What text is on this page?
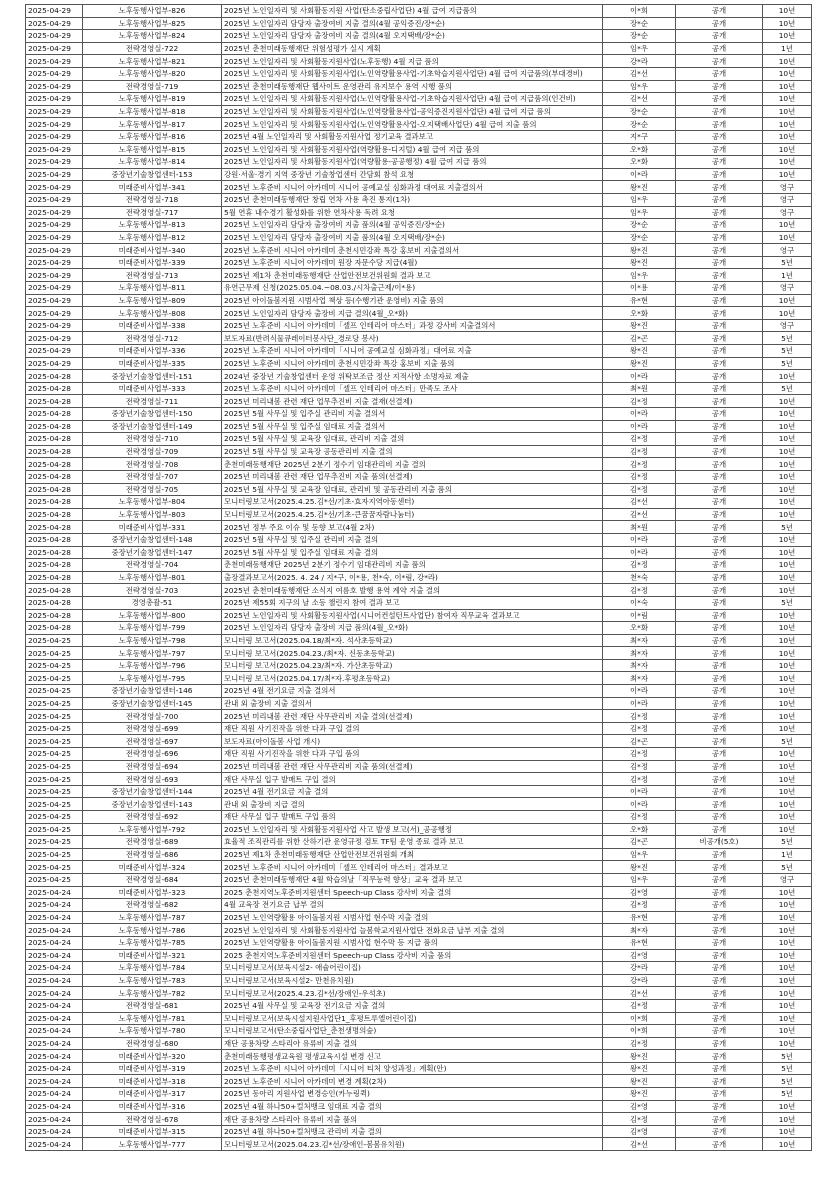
2025-04-29	노후동행사업부-826	2025년 노인일자리 및 사회활동지원 사업(탄소중립사업단) 4월 급여 지급품의	이*희	공개	10년
2025-04-29	노후동행사업부-825	2025년 노인일자리 담당자 출장여비 지출 결의(4월 공익증진/장*순)	장*순	공개	10년
2025-04-29	노후동행사업부-824	2025년 노인일자리 담당자 출장여비 지출 결의(4월 오지택배/장*순)	장*순	공개	10년
2025-04-29	전략경영실-722	2025년 춘천미래동행재단 위험성평가 실시 계획	임*우	공개	1년
2025-04-29	노후동행사업부-821	2025년 노인일자리 및 사회활동지원사업(노후동행) 4월 지급 품의	강*라	공개	10년
2025-04-29	노후동행사업부-820	2025년 노인일자리 및 사회활동지원사업(노인역량활용사업-기초학습지원사업단) 4월 급여 지급품의(부대경비)	김*선	공개	10년
2025-04-29	전략경영실-719	2025년 춘천미래동행재단 웹사이트 운영관리 유지보수 용역 시행 품의	임*우	공개	10년
2025-04-29	노후동행사업부-819	2025년 노인일자리 및 사회활동지원사업(노인역량활용사업-기초학습지원사업단) 4월 급여 지급품의(인건비)	김*선	공개	10년
2025-04-29	노후동행사업부-818	2025년 노인일자리 및 사회활동지원사업(노인역량활용사업-공익증진지원사업단) 4월 급여 지급 품의	장*순	공개	10년
2025-04-29	노후동행사업부-817	2025년 노인일자리 및 사회활동지원사업(노인역량활용사업-오지택배사업단) 4월 급여 지출 품의	장*순	공개	10년
2025-04-29	노후동행사업부-816	2025년 4월 노인일자리 및 사회활동지원사업 정기교육 결과보고	지*구	공개	10년
2025-04-29	노후동행사업부-815	2025년 노인일자리 및 사회활동지원사업(역량활용-디지털) 4월 급여 지급 품의	오*화	공개	10년
2025-04-29	노후동행사업부-814	2025년 노인일자리 및 사회활동지원사업(역량활용-공공행정) 4월 급여 지급 품의	오*화	공개	10년
2025-04-29	중장년기술창업센터-153	강원·서울·경기 지역 중장년 기술창업센터 간담회 참석 요청	이*라	공개	10년
2025-04-29	미래준비사업부-341	2025년 노후준비 시니어 아카데미 시니어 공예교실 심화과정 대여료 지출결의서	왕*진	공개	영구
2025-04-29	전략경영실-718	2025년 춘천미래동행재단 창립 연차 사용 촉진 통지(1차)	임*우	공개	영구
2025-04-29	전략경영실-717	5월 연휴 내수경기 활성화를 위한 연차사용 독려 요청	임*우	공개	영구
2025-04-29	노후동행사업부-813	2025년 노인일자리 담당자 출장여비 지출 품의(4월 공익증진/장*순)	장*순	공개	10년
2025-04-29	노후동행사업부-812	2025년 노인일자리 담당자 출장여비 지출 품의(4월 오지택배/장*순)	장*순	공개	10년
2025-04-29	미래준비사업부-340	2025년 노후준비 시니어 아카데미 춘천시민강좌 특강 홍보비 지출결의서	왕*진	공개	영구
2025-04-29	미래준비사업부-339	2025년 노후준비 시니어 아카데미 원장 자문수당 지급(4월)	왕*진	공개	5년
2025-04-29	전략경영실-713	2025년 제1차 춘천미래동행재단 산업안전보건위원회 결과 보고	임*우	공개	1년
2025-04-29	노후동행사업부-811	유연근무제 신청(2025.05.04.~08.03./시차출근제/이*용)	이*용	공개	영구
2025-04-29	노후동행사업부-809	2025년 아이돌봄지원 시범사업 책상 등(수행기관 운영비) 지출 품의	유*현	공개	10년
2025-04-29	노후동행사업부-808	2025년 노인일자리 담당자 출장비 지급 결의(4월_오*화)	오*화	공개	10년
2025-04-29	미래준비사업부-338	2025년 노후준비 시니어 아카데미「셀프 인테리어 마스터」과정 강사비 지출결의서	왕*진	공개	영구
2025-04-29	전략경영실-712	보도자료(반려식물큐레이터봉사단_경로당 봉사)	김*곤	공개	5년
2025-04-29	미래준비사업부-336	2025년 노후준비 시니어 아카데미「시니어 공예교실 심화과정」대여료 지출	왕*진	공개	5년
2025-04-29	미래준비사업부-335	2025년 노후준비 시니어 아카데미 춘천시민강좌 특강 홍보비 지출 품의	왕*진	공개	5년
2025-04-28	중장년기술창업센터-151	2024년 중장년 기술창업센터 운영 위탁보조금 정산 지적사항 소명자료 제출	이*라	공개	10년
2025-04-28	미래준비사업부-333	2025년 노후준비 시니어 아카데미「셀프 인테리어 마스터」만족도 조사	최*원	공개	5년
2025-04-28	전략경영실-711	2025년 미리내봄 관련 재단 업무추진비 지출 결재(선결제)	김*정	공개	10년
2025-04-28	중장년기술창업센터-150	2025년 5월 사무실 및 입주실 관리비 지출 결의서	이*라	공개	10년
2025-04-28	중장년기술창업센터-149	2025년 5월 사무실 및 입주실 임대료 지출 결의서	이*라	공개	10년
2025-04-28	전략경영실-710	2025년 5월 사무실 및 교육장 임대료, 관리비 지출 결의	김*정	공개	10년
2025-04-28	전략경영실-709	2025년 5월 사무실 및 교육장 공동관리비 지출 결의	김*정	공개	10년
2025-04-28	전략경영실-708	춘천미래동행재단 2025년 2분기 정수기 임대관리비 지출 결의	김*정	공개	10년
2025-04-28	전략경영실-707	2025년 미리내봄 관련 재단 업무추진비 지출 품의(선결제)	김*정	공개	10년
2025-04-28	전략경영실-705	2025년 5월 사무실 및 교육장 임대료, 관리비 및 공동관리비 지출 품의	김*정	공개	10년
2025-04-28	노후동행사업부-804	모니터링보고서(2025.4.25.김*선/기초-효자지역아동센터)	김*선	공개	10년
2025-04-28	노후동행사업부-803	모니터링보고서(2025.4.25.김*선/기초-큰꿈꿈자람나눔터)	김*선	공개	10년
2025-04-28	미래준비사업부-331	2025년 정부 주요 이슈 및 동향 보고(4월 2차)	최*원	공개	5년
2025-04-28	중장년기술창업센터-148	2025년 5월 사무실 및 입주실 관리비 지출 결의	이*라	공개	10년
2025-04-28	중장년기술창업센터-147	2025년 5월 사무실 및 입주실 임대료 지출 결의	이*라	공개	10년
2025-04-28	전략경영실-704	춘천미래동행재단 2025년 2분기 정수기 임대관리비 지출 품의	김*정	공개	10년
2025-04-28	노후동행사업부-801	출장결과보고서(2025. 4. 24 / 지*구, 이*용, 천*숙, 이*림, 강*라)	천*숙	공개	10년
2025-04-28	전략경영실-703	2025년 춘천미래동행재단 소식지 여름호 발행 용역 계약 지출 결의	김*정	공개	10년
2025-04-28	경영총괄-51	2025년 제55회 지구의 날 소등 챌린지 참여 결과 보고	이*숙	공개	5년
2025-04-28	노후동행사업부-800	2025년 노인일자리 및 사회활동지원사업(시니어컨설턴트사업단) 참여자 직무교육 결과보고	이*림	공개	10년
2025-04-28	노후동행사업부-799	2025년 노인일자리 담당자 출장비 지급 품의(4월_오*화)	오*화	공개	10년
2025-04-25	노후동행사업부-798	모니터링 보고서(2025.04.18/최*자. 석사초등학교)	최*자	공개	10년
2025-04-25	노후동행사업부-797	모니터링 보고서(2025.04.23./최*자. 신동초등학교)	최*자	공개	10년
2025-04-25	노후동행사업부-796	모니터링 보고서(2025.04.23/최*자. 가산초등학교)	최*자	공개	10년
2025-04-25	노후동행사업부-795	모니터링 보고서(2025.04.17/최*자.후평초등학교)	최*자	공개	10년
2025-04-25	중장년기술창업센터-146	2025년 4월 전기요금 지출 결의서	이*라	공개	10년
2025-04-25	중장년기술창업센터-145	관내 외 출장비 지출 결의서	이*라	공개	10년
2025-04-25	전략경영실-700	2025년 미리내봄 관련 재단 사무관리비 지출 결의(선결제)	김*정	공개	10년
2025-04-25	전략경영실-699	재단 직원 사기진작을 위한 다과 구입 결의	김*정	공개	10년
2025-04-25	전략경영실-697	보도자료(아이돌봄 사업 개시)	김*곤	공개	5년
2025-04-25	전략경영실-696	재단 직원 사기진작을 위한 다과 구입 품의	김*정	공개	10년
2025-04-25	전략경영실-694	2025년 미리내봄 관련 재단 사무관리비 지출 품의(선결제)	김*정	공개	10년
2025-04-25	전략경영실-693	재단 사무실 입구 발매트 구입 결의	김*정	공개	10년
2025-04-25	중장년기술창업센터-144	2025년 4월 전기요금 지출 결의	이*라	공개	10년
2025-04-25	중장년기술창업센터-143	관내 외 출장비 지급 결의	이*라	공개	10년
2025-04-25	전략경영실-692	재단 사무실 입구 발매트 구입 품의	김*정	공개	10년
2025-04-25	노후동행사업부-792	2025년 노인일자리 및 사회활동지원사업 사고 발생 보고(서)_공공행정	오*화	공개	10년
2025-04-25	전략경영실-689	효율적 조직관리를 위한 산하기관 운영규정 검토 TF팀 운영 종료 결과 보고	김*곤	비공개(5호)	5년
2025-04-25	전략경영실-686	2025년 제1차 춘천미래동행재단 산업안전보건위원회 개최	임*우	공개	1년
2025-04-25	미래준비사업부-324	2025년 노후준비 시니어 아카데미「셀프 인테리어 마스터」결과보고	왕*진	공개	5년
2025-04-25	전략경영실-684	2025년 춘천미래동행재단 4월 학습의날「직무능력 향상」교육 결과 보고	임*우	공개	영구
2025-04-24	미래준비사업부-323	2025 춘천지역노후준비지원센터 Speech-up Class 강사비 지출 결의	김*영	공개	10년
2025-04-24	전략경영실-682	4월 교육장 전기요금 납부 결의	김*정	공개	10년
2025-04-24	노후동행사업부-787	2025년 노인역량활용 아이돌봄지원 시범사업 현수막 지출 결의	유*현	공개	10년
2025-04-24	노후동행사업부-786	2025년 노인일자리 및 사회활동지원사업 늘봄학교지원사업단 전화요금 납부 지출 결의	최*자	공개	10년
2025-04-24	노후동행사업부-785	2025년 노인역량활용 아이돌봄지원 시범사업 현수막 등 지급 품의	유*현	공개	10년
2025-04-24	미래준비사업부-321	2025 춘천지역노후준비지원센터 Speech-up Class 강사비 지출 품의	김*영	공개	10년
2025-04-24	노후동행사업부-784	모니터링보고서(보육시설2- 애슐어린이집)	강*라	공개	10년
2025-04-24	노후동행사업부-783	모니터링보고서(보육시설2- 만천유치원)	강*라	공개	10년
2025-04-24	노후동행사업부-782	모니터링보고서(2025.4.23.김*선/장애인-우석초)	김*선	공개	10년
2025-04-24	전략경영실-681	2025년 4월 사무실 및 교육장 전기요금 지출 결의	김*정	공개	10년
2025-04-24	노후동행사업부-781	모니터링보고서(보육시설지원사업단1_후평트루엘어린이집)	이*희	공개	10년
2025-04-24	노후동행사업부-780	모니터링보고서(탄소중립사업단_춘천생명의숲)	이*희	공개	10년
2025-04-24	전략경영실-680	재단 공용차량 스타리아 유류비 지출 결의	김*정	공개	10년
2025-04-24	미래준비사업부-320	춘천미래동행평생교육원 평생교육시설 변경 신고	왕*진	공개	5년
2025-04-24	미래준비사업부-319	2025년 노후준비 시니어 아카데미「시니어 티처 양성과정」계획(안)	왕*진	공개	5년
2025-04-24	미래준비사업부-318	2025년 노후준비 시니어 아카데미 변경 계획(2차)	왕*진	공개	5년
2025-04-24	미래준비사업부-317	2025년 동아리 지원사업 변경승인(카누링퀵)	왕*진	공개	5년
2025-04-24	미래준비사업부-316	2025년 4월 하나50+컬처뱅크 임대료 지출 결의	김*영	공개	10년
2025-04-24	전략경영실-678	재단 공용차량 스타리아 유류비 지출 품의	김*정	공개	10년
2025-04-24	미래준비사업부-315	2025년 4월 하나50+컬처뱅크 관리비 지출 결의	김*영	공개	10년
2025-04-24	노후동행사업부-777	모니터링보고서(2025.04.23.김*선/장애인-봄봄유치원)	김*선	공개	10년
